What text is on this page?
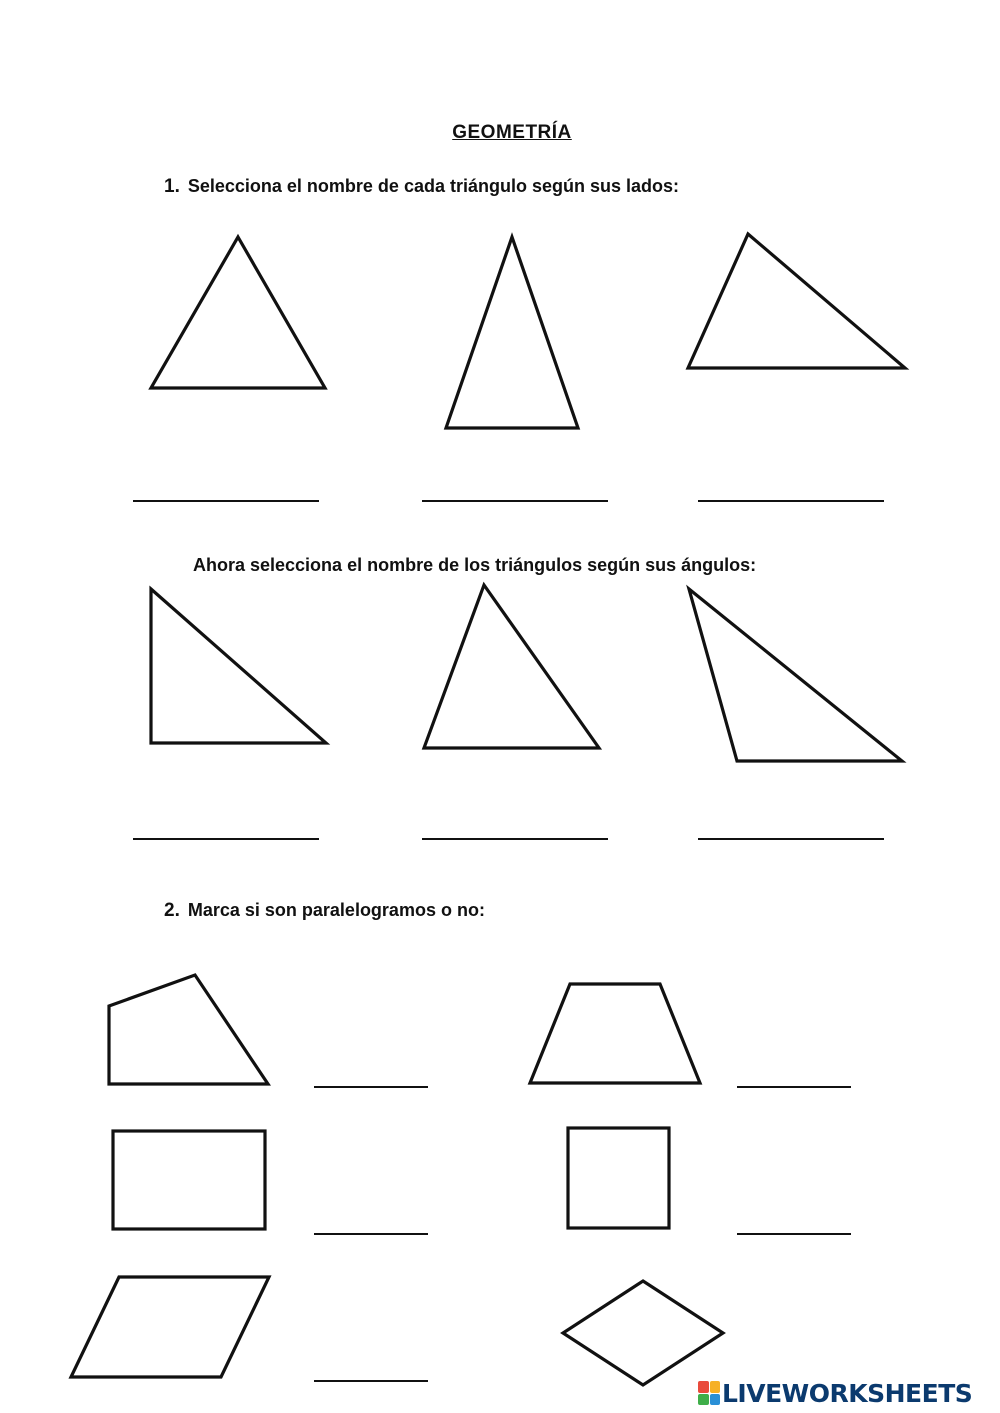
GEOMETRÍA
1. Selecciona el nombre de cada triángulo según sus lados:
Ahora selecciona el nombre de los triángulos según sus ángulos:
2. Marca si son paralelogramos o no:
LIVEWORKSHEETS
